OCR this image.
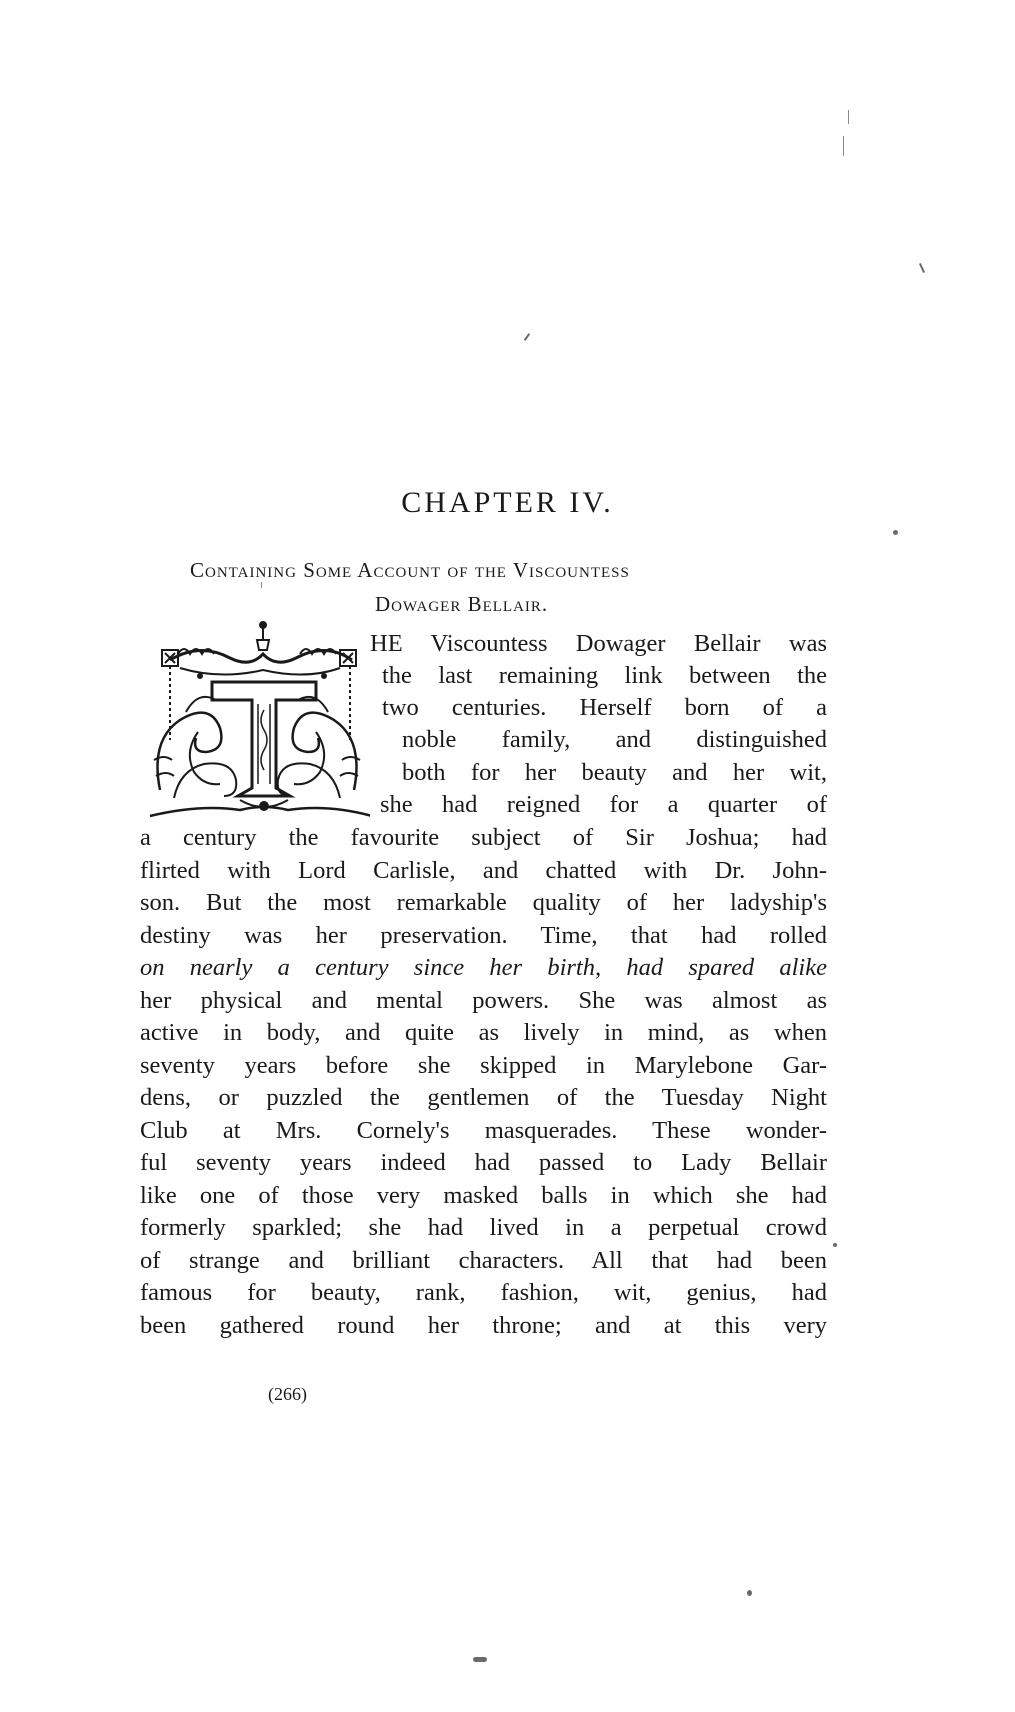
CHAPTER IV.

Containing Some Account of the Viscountess
Dowager Bellair.

HE Viscountess Dowager Bellair was
the last remaining link between the
two centuries. Herself born of a
noble family, and distinguished
both for her beauty and her wit,
she had reigned for a quarter of
a century the favourite subject of Sir Joshua; had
flirted with Lord Carlisle, and chatted with Dr. John-
son. But the most remarkable quality of her ladyship's
destiny was her preservation. Time, that had rolled
on nearly a century since her birth, had spared alike
her physical and mental powers. She was almost as
active in body, and quite as lively in mind, as when
seventy years before she skipped in Marylebone Gar-
dens, or puzzled the gentlemen of the Tuesday Night
Club at Mrs. Cornely's masquerades. These wonder-
ful seventy years indeed had passed to Lady Bellair
like one of those very masked balls in which she had
formerly sparkled; she had lived in a perpetual crowd
of strange and brilliant characters. All that had been
famous for beauty, rank, fashion, wit, genius, had
been gathered round her throne; and at this very

(266)
